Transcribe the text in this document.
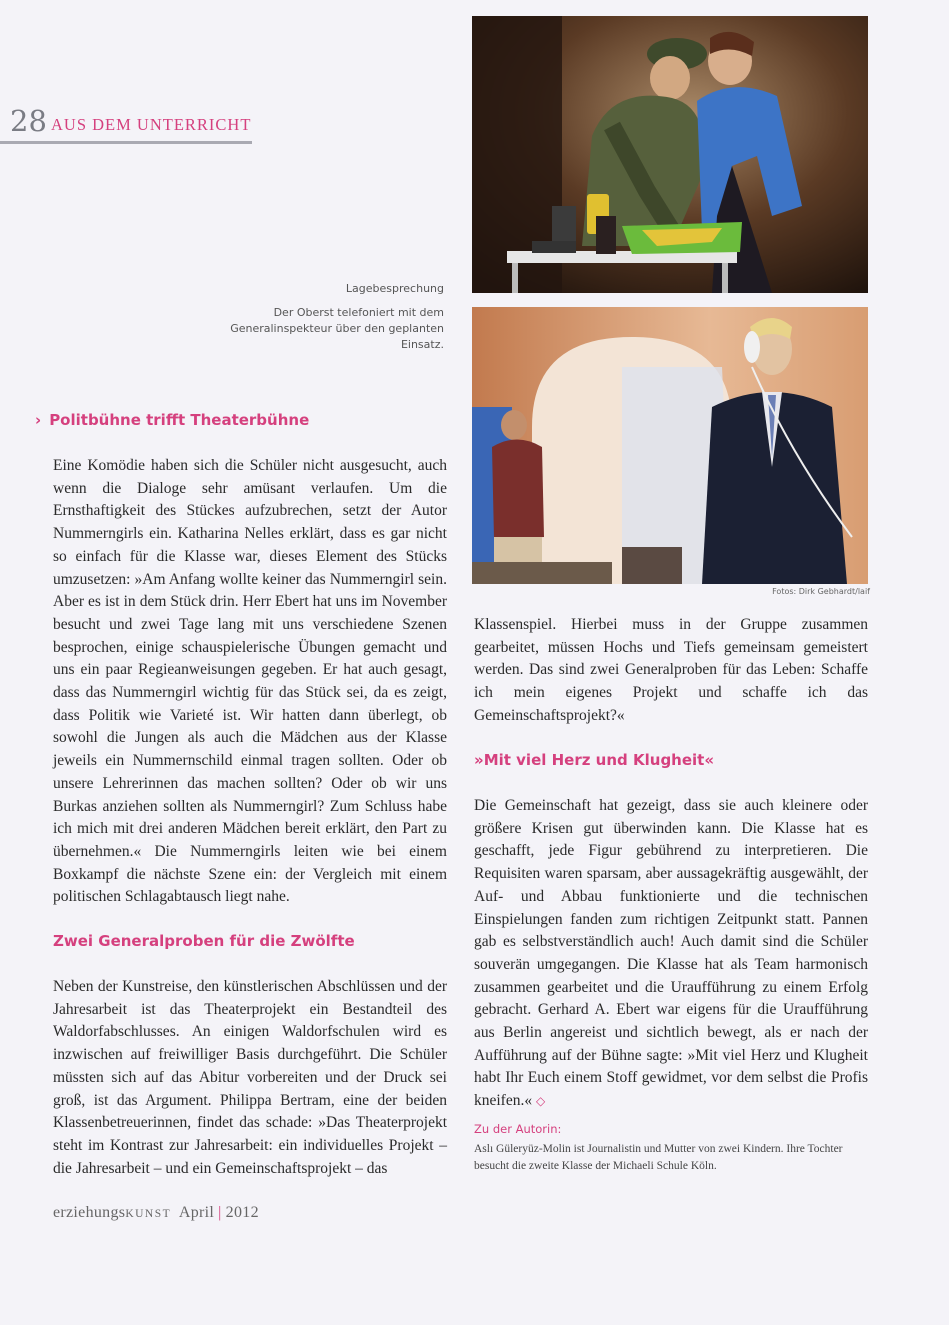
28 AUS DEM UNTERRICHT
Lagebesprechung
Der Oberst telefoniert mit dem Generalinspekteur über den geplanten Einsatz.
Fotos: Dirk Gebhardt/laif
› Politbühne trifft Theaterbühne
Eine Komödie haben sich die Schüler nicht ausgesucht, auch wenn die Dialoge sehr amüsant verlaufen. Um die Ernsthaftigkeit des Stückes aufzubrechen, setzt der Autor Nummerngirls ein. Katharina Nelles erklärt, dass es gar nicht so einfach für die Klasse war, dieses Element des Stücks umzusetzen: »Am Anfang wollte keiner das Nummerngirl sein. Aber es ist in dem Stück drin. Herr Ebert hat uns im November besucht und zwei Tage lang mit uns verschiedene Szenen besprochen, einige schauspielerische Übungen gemacht und uns ein paar Regieanweisungen gegeben. Er hat auch gesagt, dass das Nummerngirl wichtig für das Stück sei, da es zeigt, dass Politik wie Varieté ist. Wir hatten dann überlegt, ob sowohl die Jungen als auch die Mädchen aus der Klasse jeweils ein Nummernschild einmal tragen sollten. Oder ob unsere Lehrerinnen das machen sollten? Oder ob wir uns Burkas anziehen sollten als Nummerngirl? Zum Schluss habe ich mich mit drei anderen Mädchen bereit erklärt, den Part zu übernehmen.« Die Nummerngirls leiten wie bei einem Boxkampf die nächste Szene ein: der Vergleich mit einem politischen Schlagabtausch liegt nahe.
Zwei Generalproben für die Zwölfte
Neben der Kunstreise, den künstlerischen Abschlüssen und der Jahresarbeit ist das Theaterprojekt ein Bestandteil des Waldorfabschlusses. An einigen Waldorfschulen wird es inzwischen auf freiwilliger Basis durchgeführt. Die Schüler müssten sich auf das Abitur vorbereiten und der Druck sei groß, ist das Argument. Philippa Bertram, eine der beiden Klassenbetreuerinnen, findet das schade: »Das Theaterprojekt steht im Kontrast zur Jahresarbeit: ein individuelles Projekt – die Jahresarbeit – und ein Gemeinschaftsprojekt – das
Klassenspiel. Hierbei muss in der Gruppe zusammen gearbeitet, müssen Hochs und Tiefs gemeinsam gemeistert werden. Das sind zwei Generalproben für das Leben: Schaffe ich mein eigenes Projekt und schaffe ich das Gemeinschaftsprojekt?«
»Mit viel Herz und Klugheit«
Die Gemeinschaft hat gezeigt, dass sie auch kleinere oder größere Krisen gut überwinden kann. Die Klasse hat es geschafft, jede Figur gebührend zu interpretieren. Die Requisiten waren sparsam, aber aussagekräftig ausgewählt, der Auf- und Abbau funktionierte und die technischen Einspielungen fanden zum richtigen Zeitpunkt statt. Pannen gab es selbstverständlich auch! Auch damit sind die Schüler souverän umgegangen. Die Klasse hat als Team harmonisch zusammen gearbeitet und die Uraufführung zu einem Erfolg gebracht. Gerhard A. Ebert war eigens für die Uraufführung aus Berlin angereist und sichtlich bewegt, als er nach der Aufführung auf der Bühne sagte: »Mit viel Herz und Klugheit habt Ihr Euch einem Stoff gewidmet, vor dem selbst die Profis kneifen.« ◇
Zu der Autorin:
Aslı Güleryüz-Molin ist Journalistin und Mutter von zwei Kindern. Ihre Tochter besucht die zweite Klasse der Michaeli Schule Köln.
erziehungsKUNST April | 2012
